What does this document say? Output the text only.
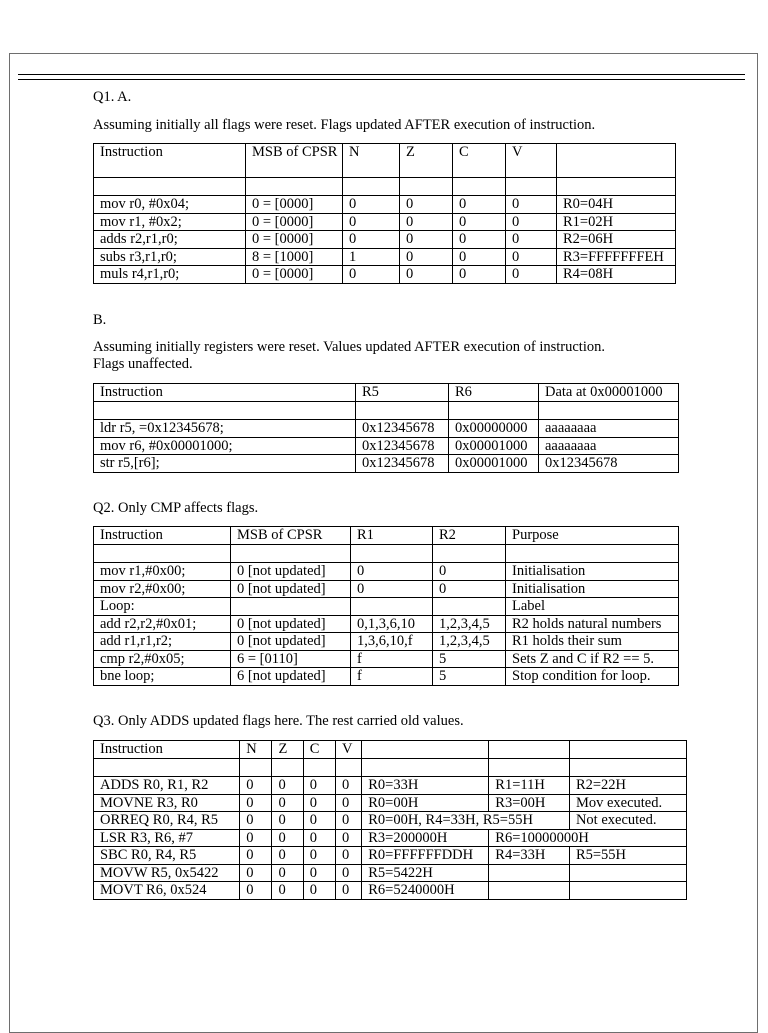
Q1. A.

Assuming initially all flags were reset. Flags updated AFTER execution of instruction.

Instruction	MSB of CPSR	N	Z	C	V	

mov r0, #0x04;	0 = [0000]	0	0	0	0	R0=04H
mov r1, #0x2;	0 = [0000]	0	0	0	0	R1=02H
adds r2,r1,r0;	0 = [0000]	0	0	0	0	R2=06H
subs r3,r1,r0;	8 = [1000]	1	0	0	0	R3=FFFFFFFEH
muls r4,r1,r0;	0 = [0000]	0	0	0	0	R4=08H

B.

Assuming initially registers were reset. Values updated AFTER execution of instruction.

Flags unaffected.

Instruction	R5	R6	Data at 0x00001000

ldr r5, =0x12345678;	0x12345678	0x00000000	aaaaaaaa
mov r6, #0x00001000;	0x12345678	0x00001000	aaaaaaaa
str r5,[r6];	0x12345678	0x00001000	0x12345678

Q2. Only CMP affects flags.

Instruction	MSB of CPSR	R1	R2	Purpose

mov r1,#0x00;	0 [not updated]	0	0	Initialisation
mov r2,#0x00;	0 [not updated]	0	0	Initialisation
Loop:				Label
add r2,r2,#0x01;	0 [not updated]	0,1,3,6,10	1,2,3,4,5	R2 holds natural numbers
add r1,r1,r2;	0 [not updated]	1,3,6,10,f	1,2,3,4,5	R1 holds their sum
cmp r2,#0x05;	6 = [0110]	f	5	Sets Z and C if R2 == 5.
bne loop;	6 [not updated]	f	5	Stop condition for loop.

Q3. Only ADDS updated flags here. The rest carried old values.

Instruction	N	Z	C	V			

ADDS R0, R1, R2	0	0	0	0	R0=33H	R1=11H	R2=22H
MOVNE R3, R0	0	0	0	0	R0=00H	R3=00H	Mov executed.
ORREQ R0, R4, R5	0	0	0	0	R0=00H, R4=33H, R5=55H		Not executed.
LSR R3, R6, #7	0	0	0	0	R3=200000H	R6=10000000H	
SBC R0, R4, R5	0	0	0	0	R0=FFFFFFDDH	R4=33H	R5=55H
MOVW R5, 0x5422	0	0	0	0	R5=5422H		
MOVT R6, 0x524	0	0	0	0	R6=5240000H		
